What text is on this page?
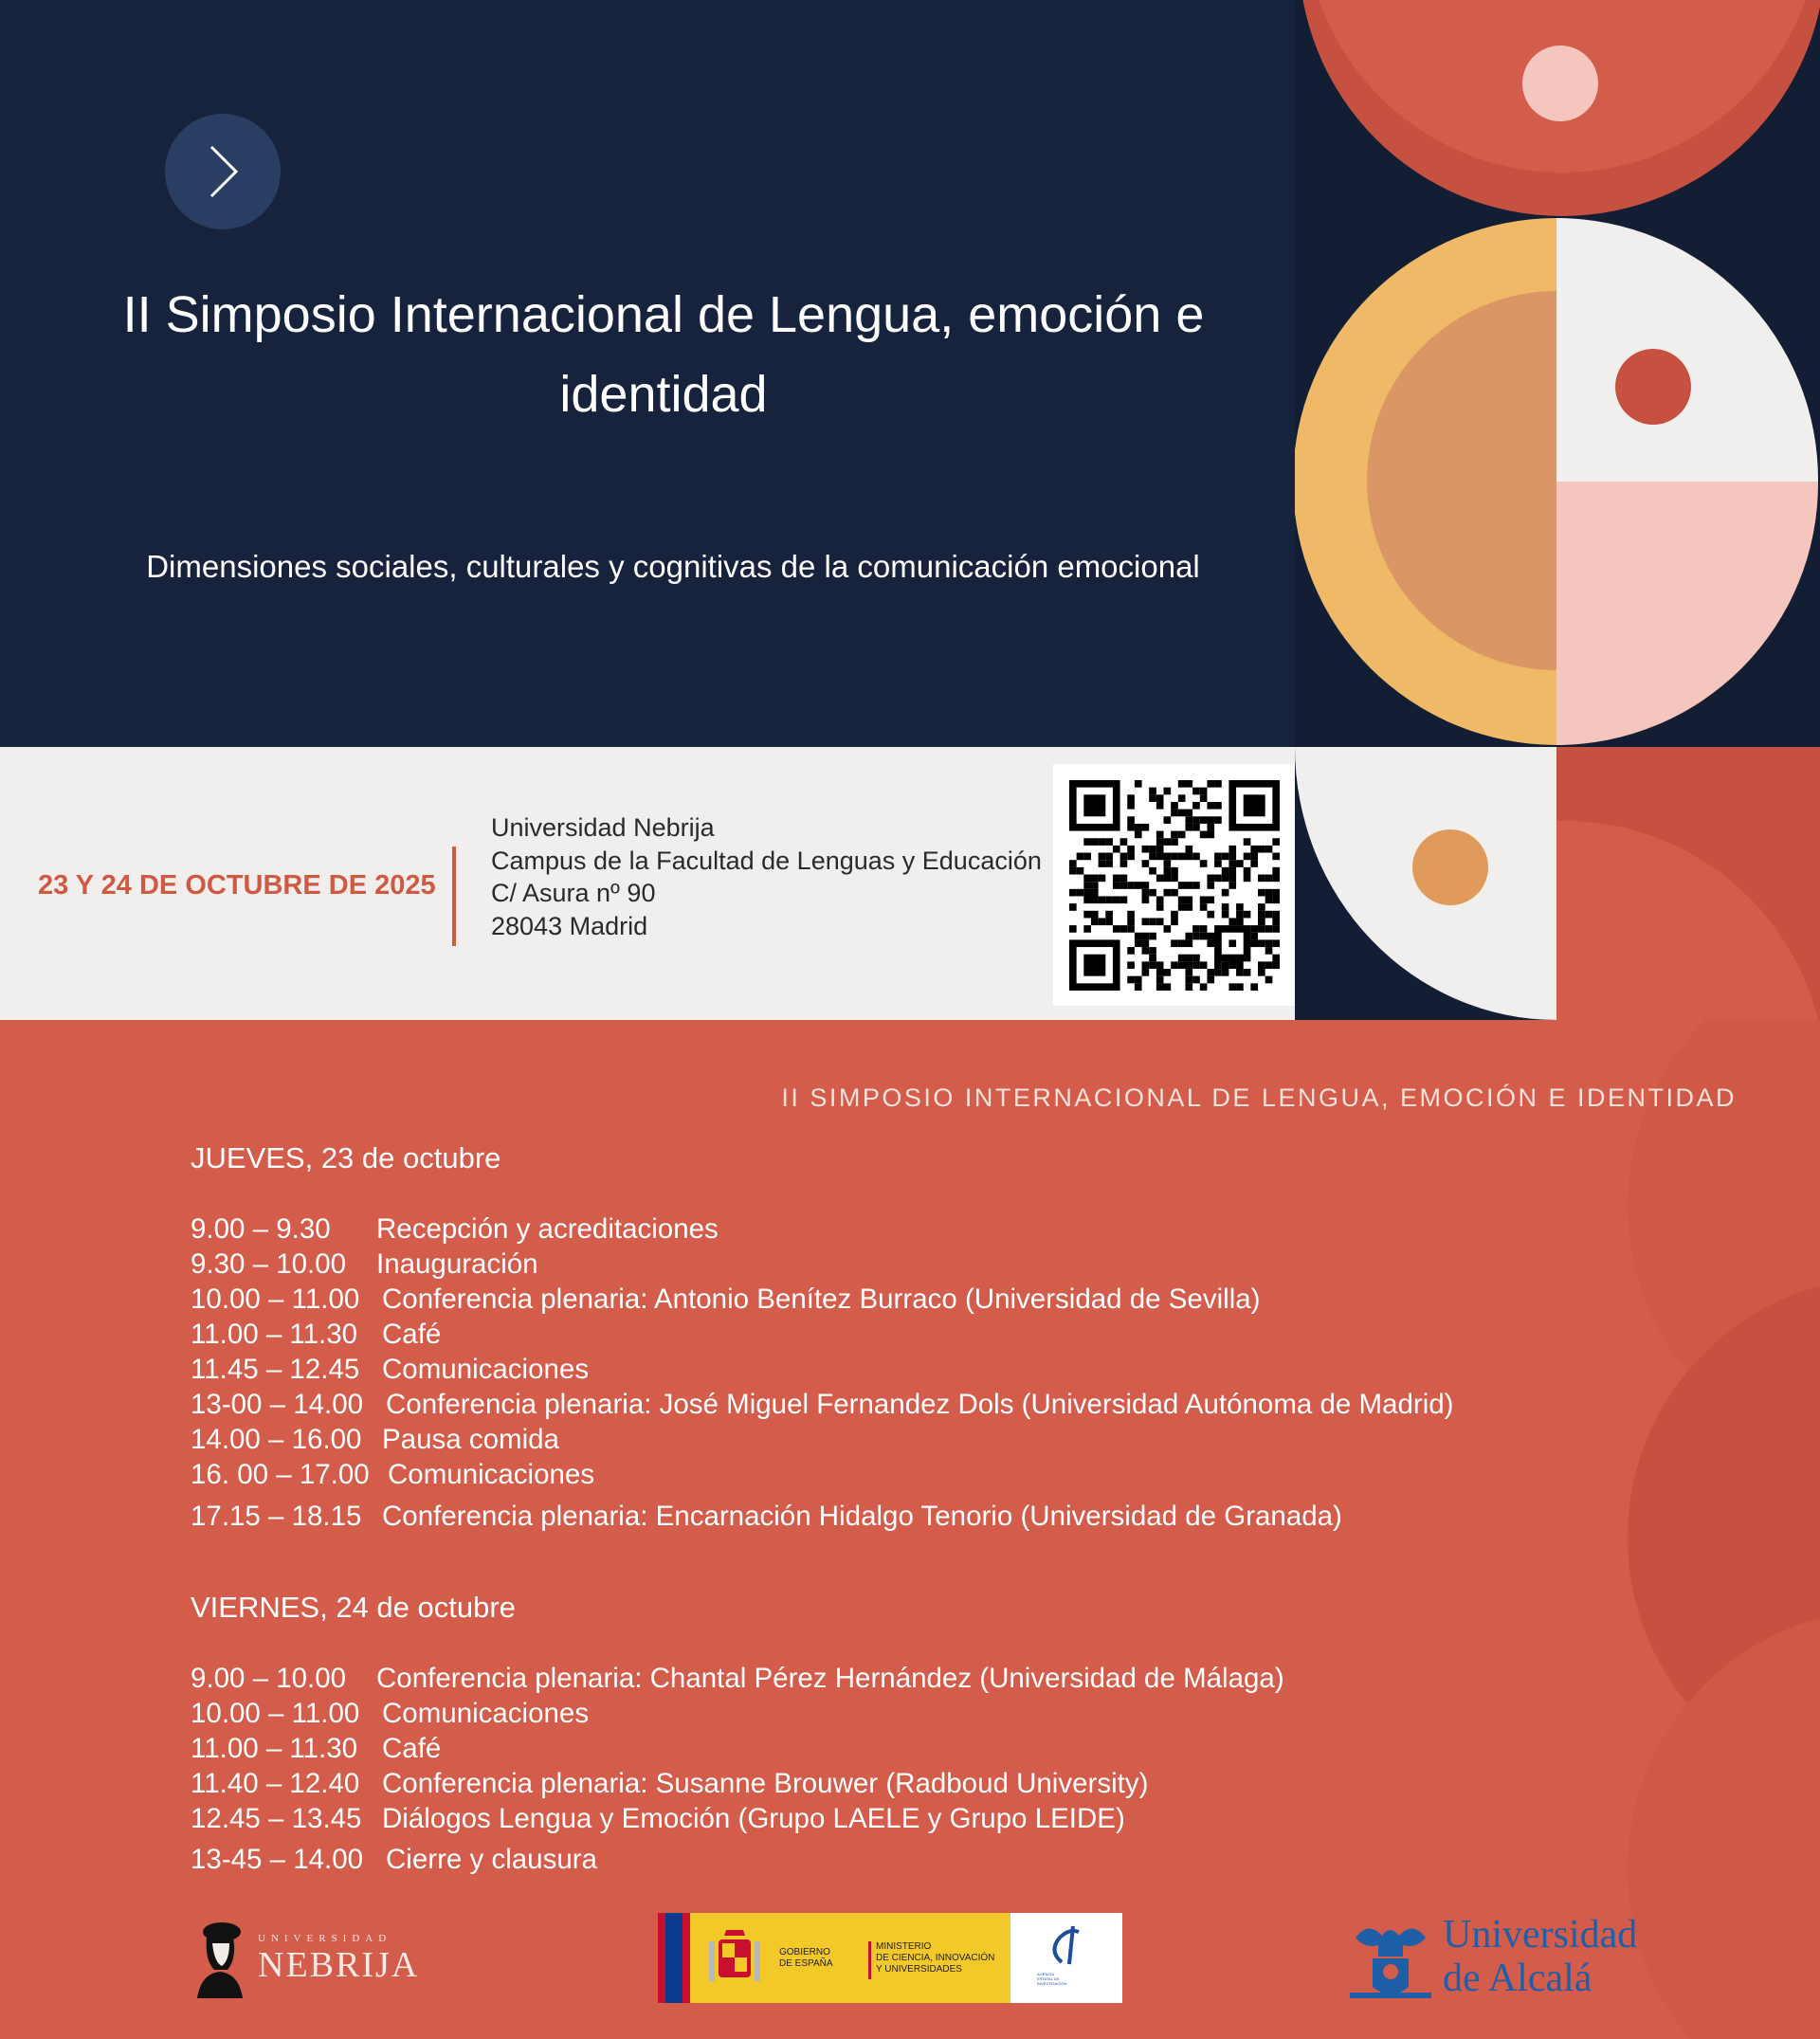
II Simposio Internacional de Lengua, emoción e identidad
Dimensiones sociales, culturales y cognitivas de la comunicación emocional
23 Y 24 DE OCTUBRE DE 2025
Universidad Nebrija
Campus de la Facultad de Lenguas y Educación
C/ Asura nº 90
28043 Madrid
II SIMPOSIO INTERNACIONAL DE LENGUA, EMOCIÓN E IDENTIDAD
JUEVES, 23 de octubre
9.00 – 9.30 Recepción y acreditaciones
9.30 – 10.00 Inauguración
10.00 – 11.00 Conferencia plenaria: Antonio Benítez Burraco (Universidad de Sevilla)
11.00 – 11.30 Café
11.45 – 12.45 Comunicaciones
13-00 – 14.00 Conferencia plenaria: José Miguel Fernandez Dols (Universidad Autónoma de Madrid)
14.00 – 16.00 Pausa comida
16. 00 – 17.00 Comunicaciones
17.15 – 18.15 Conferencia plenaria: Encarnación Hidalgo Tenorio (Universidad de Granada)
VIERNES, 24 de octubre
9.00 – 10.00 Conferencia plenaria: Chantal Pérez Hernández (Universidad de Málaga)
10.00 – 11.00 Comunicaciones
11.00 – 11.30 Café
11.40 – 12.40 Conferencia plenaria: Susanne Brouwer (Radboud University)
12.45 – 13.45 Diálogos Lengua y Emoción (Grupo LAELE y Grupo LEIDE)
13-45 – 14.00 Cierre y clausura
UNIVERSIDAD
NEBRIJA	GOBIERNO
DE ESPAÑA
MINISTERIO
DE CIENCIA, INNOVACIÓN
Y UNIVERSIDADES	AGENCIA
ESTATAL DE
INVESTIGACIÓN
Universidad
de Alcalá
